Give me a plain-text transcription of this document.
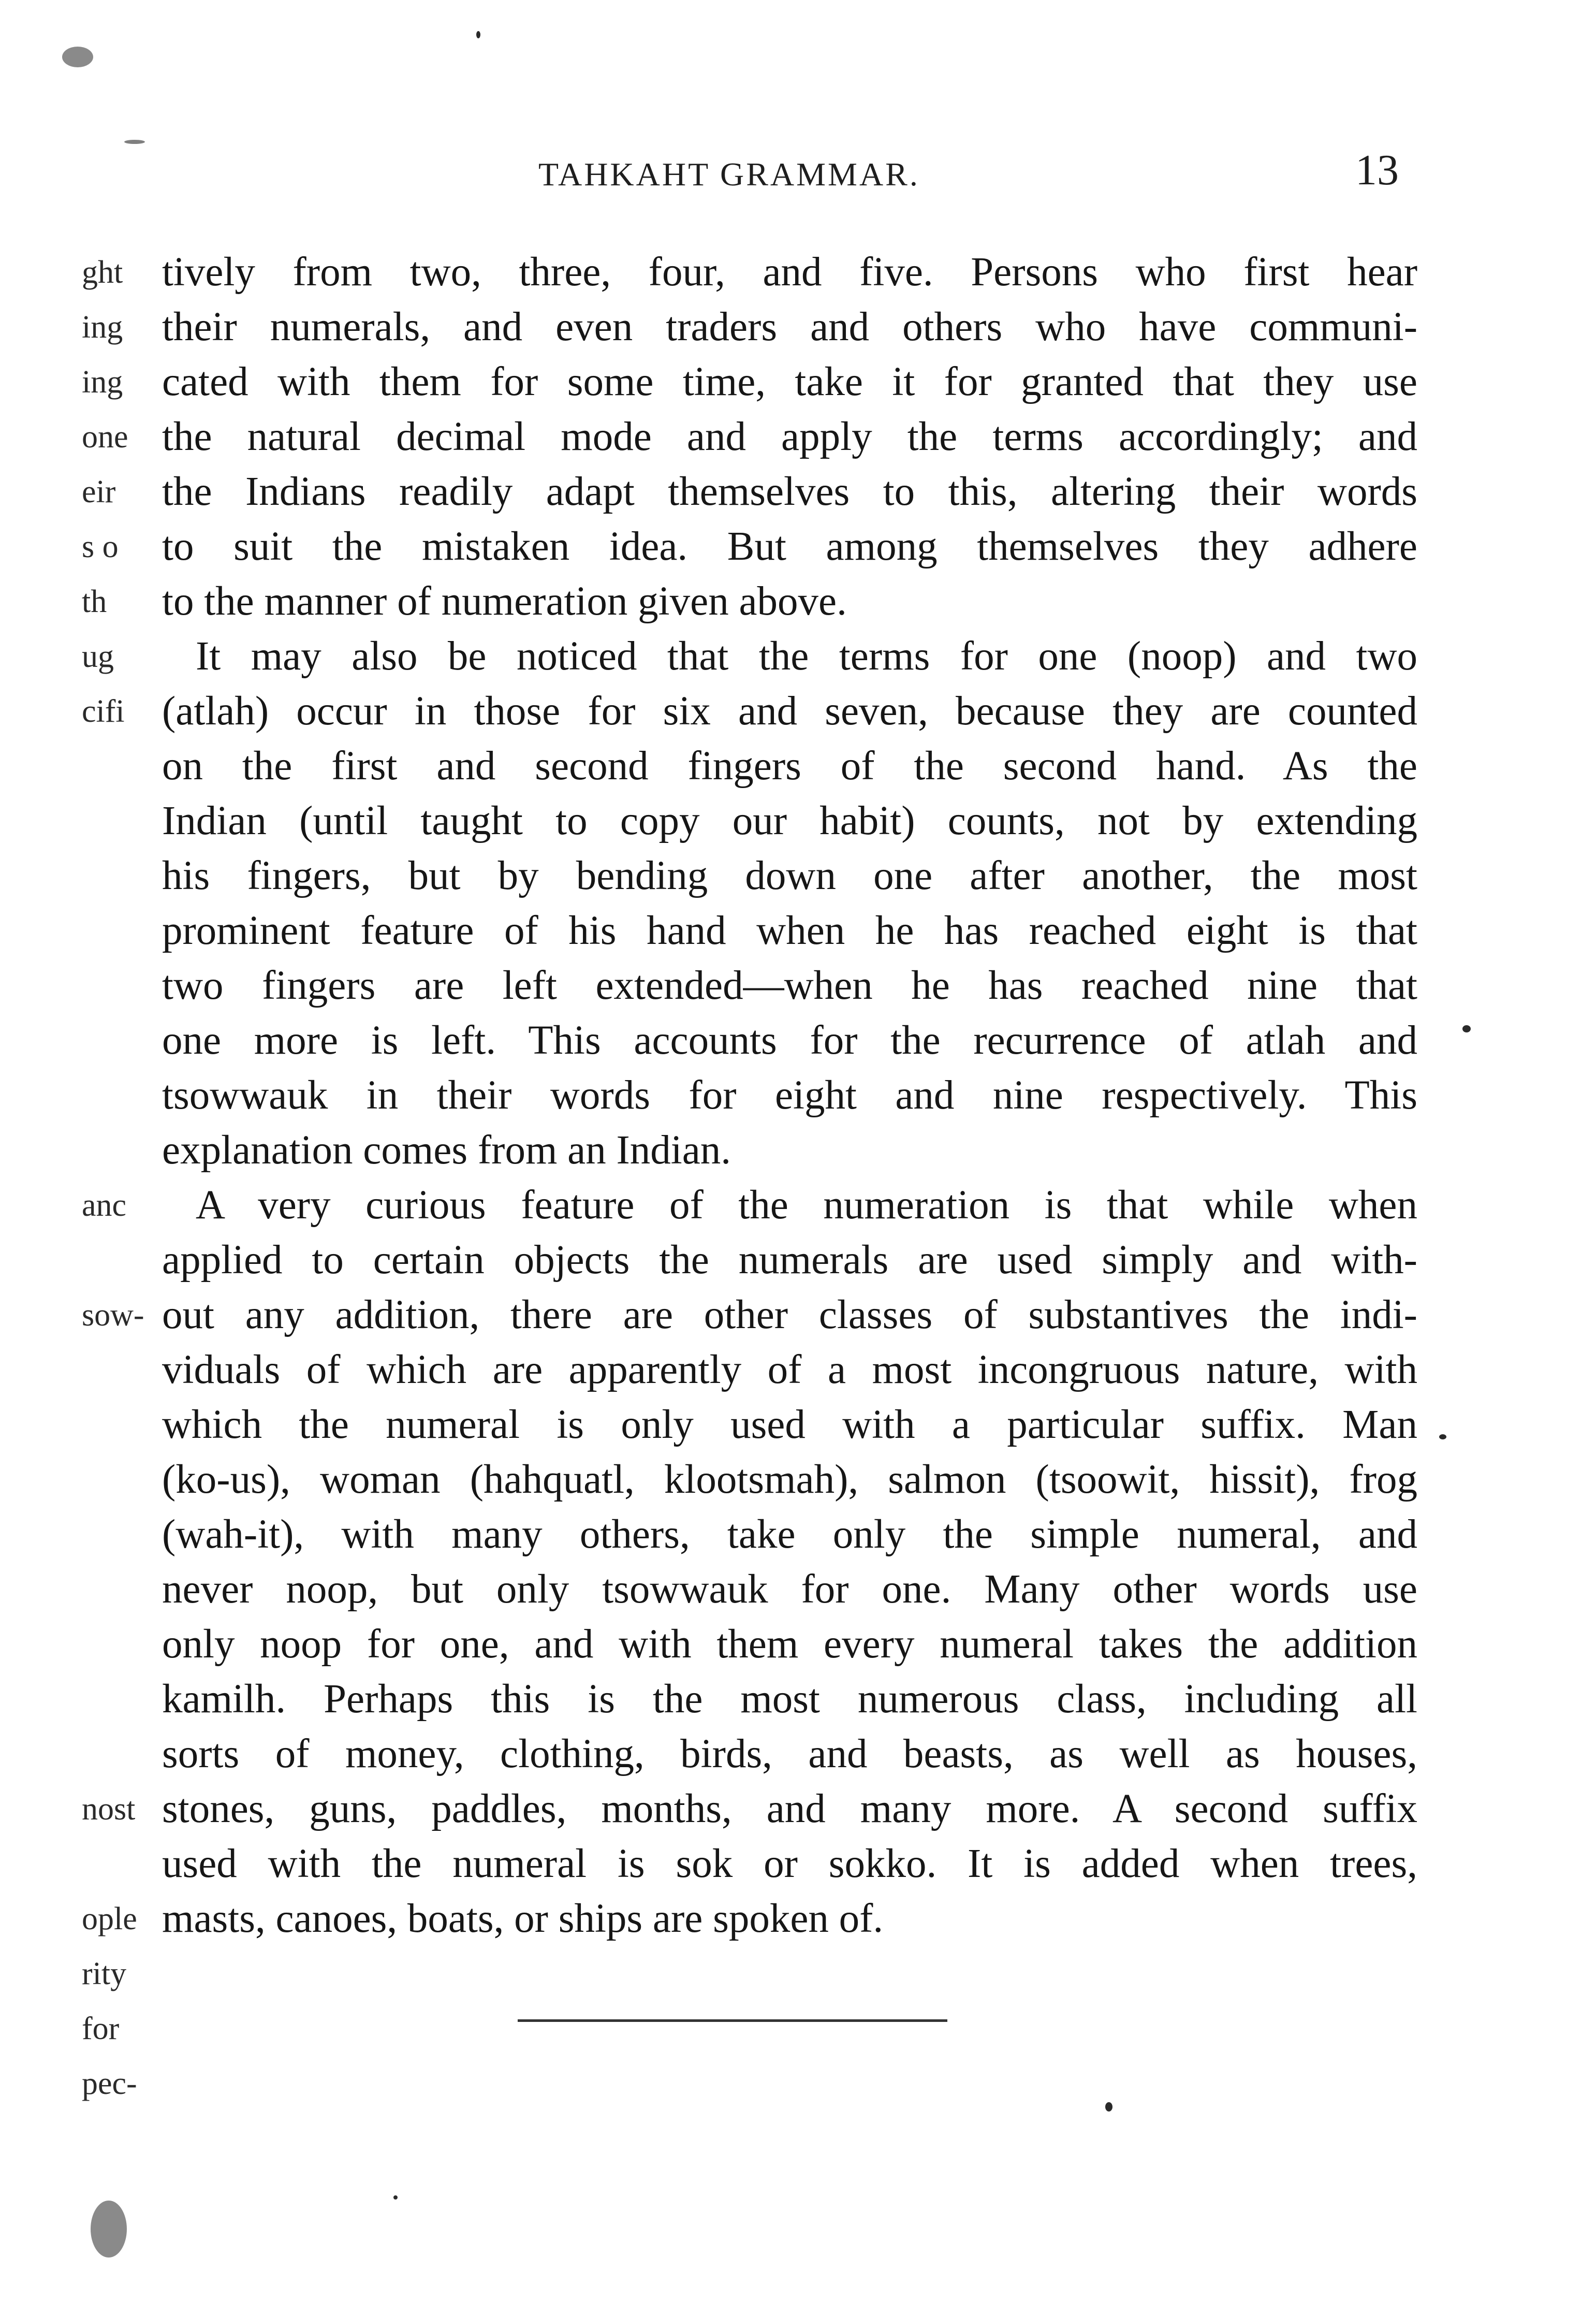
TAHKAHT GRAMMAR.	13
ght tively from two, three, four, and five. Persons who first hear
ing their numerals, and even traders and others who have communi-
ing cated with them for some time, take it for granted that they use
one the natural decimal mode and apply the terms accordingly; and
eir	the Indians readily adapt themselves to this, altering their words
s o	to suit the mistaken idea. But among themselves they adhere
th	to the manner of numeration given above.
ug	It may also be noticed that the terms for one (noop) and two
cifi (atlah) occur in those for six and seven, because they are counted
on the first and second fingers of the second hand. As the
Indian (until taught to copy our habit) counts, not by extending
his fingers, but by bending down one after another, the most
prominent feature of his hand when he has reached eight is that
two fingers are left extended—when he has reached nine that
one more is left. This accounts for the recurrence of atlah and
tsowwauk in their words for eight and nine respectively. This
explanation comes from an Indian.
anc	A very curious feature of the numeration is that while when
applied to certain objects the numerals are used simply and with-
sow- out any addition, there are other classes of substantives the indi-
viduals of which are apparently of a most incongruous nature, with
which the numeral is only used with a particular suffix. Man
(ko-us), woman (hahquatl, klootsmah), salmon (tsoowit, hissit), frog
(wah-it), with many others, take only the simple numeral, and
never noop, but only tsowwauk for one. Many other words use
only noop for one, and with them every numeral takes the addition
kamilh. Perhaps this is the most numerous class, including all
sorts of money, clothing, birds, and beasts, as well as houses,
nost stones, guns, paddles, months, and many more. A second suffix
used with the numeral is sok or sokko. It is added when trees,
ople masts, canoes, boats, or ships are spoken of.
rity
for
pec-
